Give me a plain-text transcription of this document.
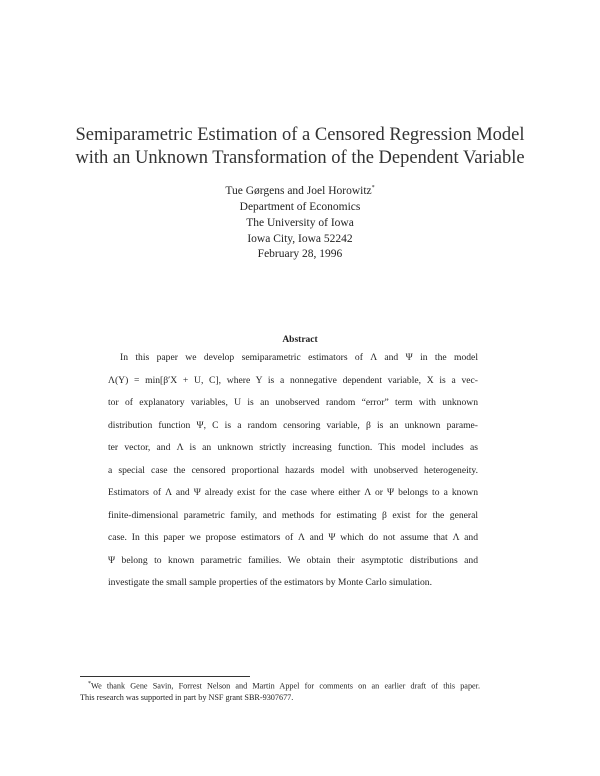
Semiparametric Estimation of a Censored Regression Model
with an Unknown Transformation of the Dependent Variable
Tue Gørgens and Joel Horowitz*
Department of Economics
The University of Iowa
Iowa City, Iowa 52242
February 28, 1996
Abstract
In this paper we develop semiparametric estimators of Λ and Ψ in the model
Λ(Y) = min[β′X + U, C], where Y is a nonnegative dependent variable, X is a vec-
tor of explanatory variables, U is an unobserved random “error” term with unknown
distribution function Ψ, C is a random censoring variable, β is an unknown parame-
ter vector, and Λ is an unknown strictly increasing function. This model includes as
a special case the censored proportional hazards model with unobserved heterogeneity.
Estimators of Λ and Ψ already exist for the case where either Λ or Ψ belongs to a known
finite-dimensional parametric family, and methods for estimating β exist for the general
case. In this paper we propose estimators of Λ and Ψ which do not assume that Λ and
Ψ belong to known parametric families. We obtain their asymptotic distributions and
investigate the small sample properties of the estimators by Monte Carlo simulation.
*We thank Gene Savin, Forrest Nelson and Martin Appel for comments on an earlier draft of this paper.
This research was supported in part by NSF grant SBR-9307677.
